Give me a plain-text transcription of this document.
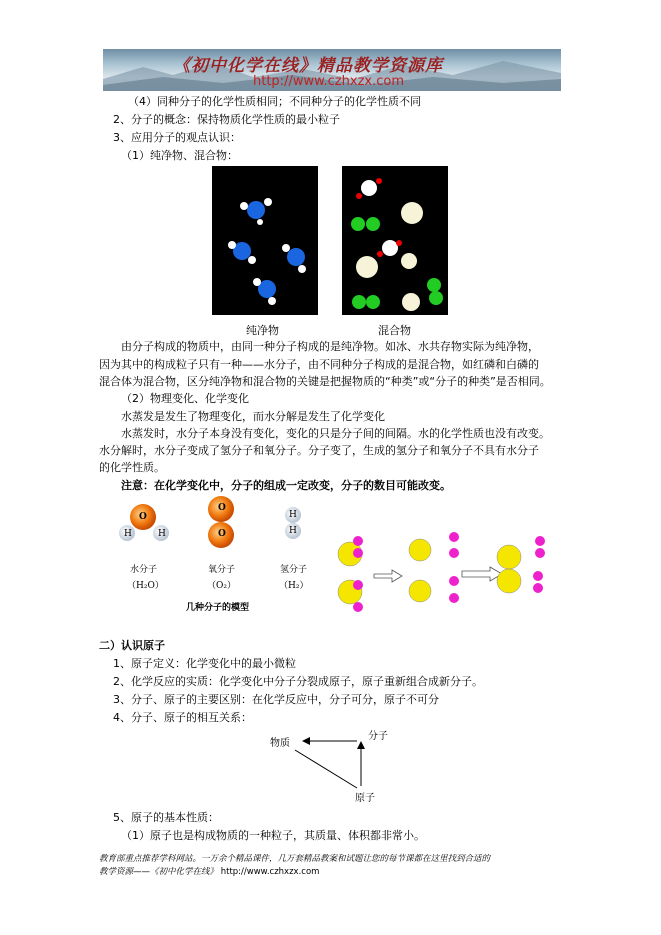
《初中化学在线》精品教学资源库
http://www.czhxzx.com
（4）同种分子的化学性质相同；不同种分子的化学性质不同
2、分子的概念：保持物质化学性质的最小粒子
3、应用分子的观点认识：
（1）纯净物、混合物：
纯净物	混合物
由分子构成的物质中，由同一种分子构成的是纯净物。如冰、水共存物实际为纯净物，
因为其中的构成粒子只有一种——水分子，由不同种分子构成的是混合物，如红磷和白磷的
混合体为混合物，区分纯净物和混合物的关键是把握物质的“种类”或“分子的种类”是否相同。
（2）物理变化、化学变化
水蒸发是发生了物理变化，而水分解是发生了化学变化
水蒸发时，水分子本身没有变化，变化的只是分子间的间隔。水的化学性质也没有改变。
水分解时，水分子变成了氢分子和氧分子。分子变了，生成的氢分子和氧分子不具有水分子
的化学性质。
注意：在化学变化中，分子的组成一定改变，分子的数目可能改变。
O
H	H
O
O
H
H
水分子
（H₂O）
氧分子
（O₂）
氢分子
（H₂）
几种分子的模型
二）认识原子
1、原子定义：化学变化中的最小微粒
2、化学反应的实质：化学变化中分子分裂成原子，原子重新组合成新分子。
3、分子、原子的主要区别：在化学反应中，分子可分，原子不可分
4、分子、原子的相互关系：
物质
分子
原子
5、原子的基本性质：
（1）原子也是构成物质的一种粒子，其质量、体积都非常小。
教育部重点推荐学科网站。一万余个精品课件，几万套精品教案和试题让您的每节课都在这里找到合适的
教学资源——《初中化学在线》 http://www.czhxzx.com
